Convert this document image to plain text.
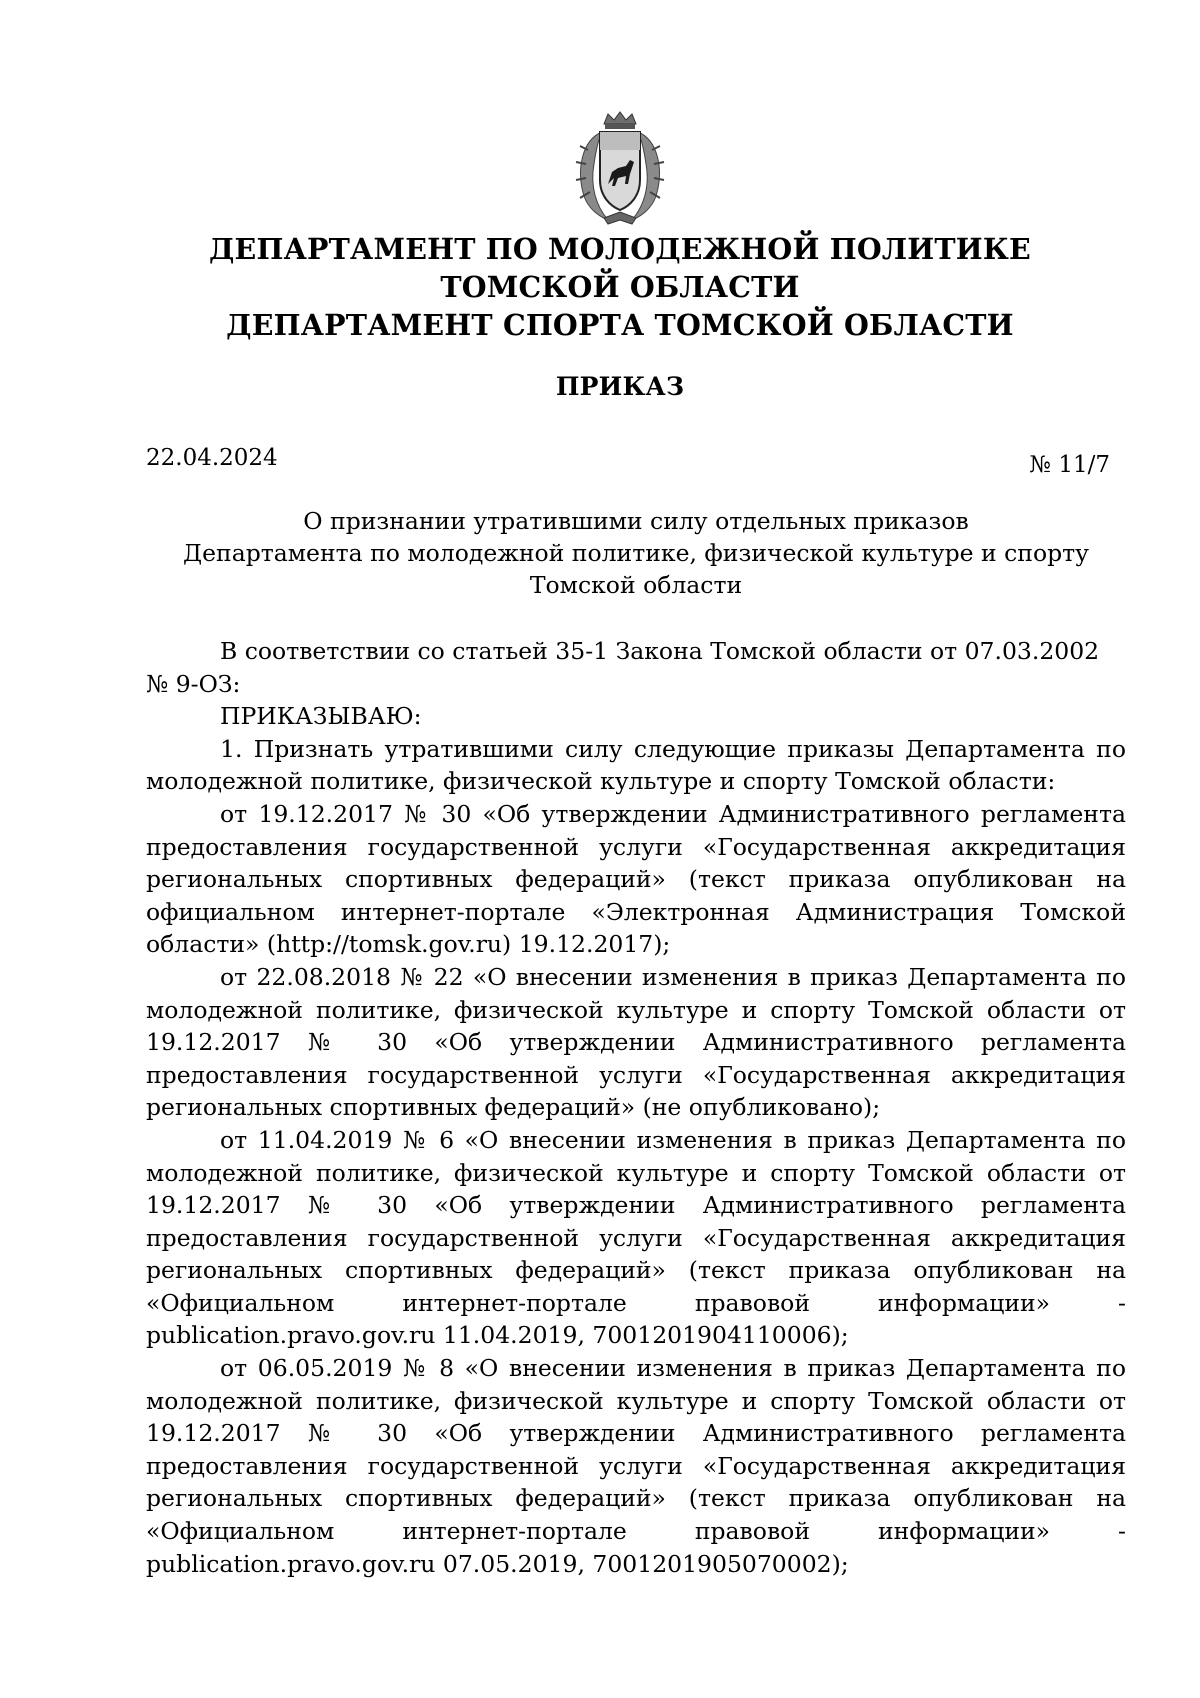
ДЕПАРТАМЕНТ ПО МОЛОДЕЖНОЙ ПОЛИТИКЕ
ТОМСКОЙ ОБЛАСТИ
ДЕПАРТАМЕНТ СПОРТА ТОМСКОЙ ОБЛАСТИ
ПРИКАЗ
22.04.2024	№ 11/7
О признании утратившими силу отдельных приказов
Департамента по молодежной политике, физической культуре и спорту
Томской области

В соответствии со статьей 35-1 Закона Томской области от 07.03.2002

№ 9-ОЗ:

ПРИКАЗЫВАЮ:

1. Признать утратившими силу следующие приказы Департамента по молодежной политике, физической культуре и спорту Томской области:

от 19.12.2017 № 30 «Об утверждении Административного регламента предоставления государственной услуги «Государственная аккредитация региональных спортивных федераций» (текст приказа опубликован на официальном интернет-портале «Электронная Администрация Томской области» (http://tomsk.gov.ru) 19.12.2017);

от 22.08.2018 № 22 «О внесении изменения в приказ Департамента по молодежной политике, физической культуре и спорту Томской области от 19.12.2017 № 30 «Об утверждении Административного регламента предоставления государственной услуги «Государственная аккредитация региональных спортивных федераций» (не опубликовано);

от 11.04.2019 № 6 «О внесении изменения в приказ Департамента по молодежной политике, физической культуре и спорту Томской области от 19.12.2017 № 30 «Об утверждении Административного регламента предоставления государственной услуги «Государственная аккредитация региональных спортивных федераций» (текст приказа опубликован на «Официальном интернет-портале правовой информации» - publication.pravo.gov.ru 11.04.2019, 7001201904110006);

от 06.05.2019 № 8 «О внесении изменения в приказ Департамента по молодежной политике, физической культуре и спорту Томской области от 19.12.2017 № 30 «Об утверждении Административного регламента предоставления государственной услуги «Государственная аккредитация региональных спортивных федераций» (текст приказа опубликован на «Официальном интернет-портале правовой информации» - publication.pravo.gov.ru 07.05.2019, 7001201905070002);
